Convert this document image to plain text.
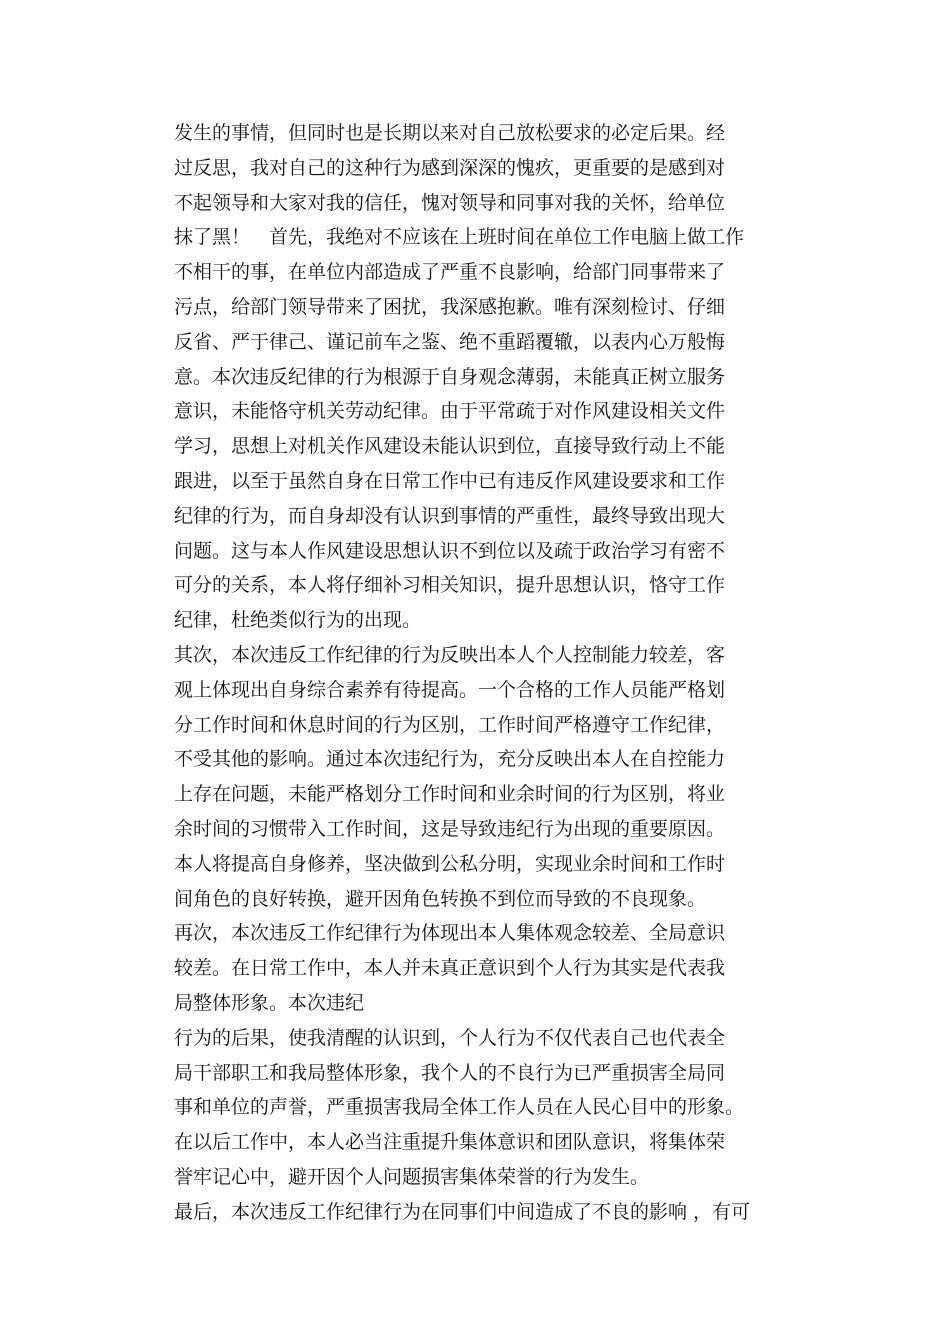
发生的事情，但同时也是长期以来对自己放松要求的必定后果。经
过反思，我对自己的这种行为感到深深的愧疚，更重要的是感到对
不起领导和大家对我的信任，愧对领导和同事对我的关怀，给单位
抹了黑！　首先，我绝对不应该在上班时间在单位工作电脑上做工作
不相干的事，在单位内部造成了严重不良影响，给部门同事带来了
污点，给部门领导带来了困扰，我深感抱歉。唯有深刻检讨、仔细
反省、严于律己、谨记前车之鉴、绝不重蹈覆辙，以表内心万般悔
意。本次违反纪律的行为根源于自身观念薄弱，未能真正树立服务
意识，未能恪守机关劳动纪律。由于平常疏于对作风建设相关文件
学习，思想上对机关作风建设未能认识到位，直接导致行动上不能
跟进，以至于虽然自身在日常工作中已有违反作风建设要求和工作
纪律的行为，而自身却没有认识到事情的严重性，最终导致出现大
问题。这与本人作风建设思想认识不到位以及疏于政治学习有密不
可分的关系，本人将仔细补习相关知识，提升思想认识，恪守工作
纪律，杜绝类似行为的出现。
其次，本次违反工作纪律的行为反映出本人个人控制能力较差，客
观上体现出自身综合素养有待提高。一个合格的工作人员能严格划
分工作时间和休息时间的行为区别，工作时间严格遵守工作纪律，
不受其他的影响。通过本次违纪行为，充分反映出本人在自控能力
上存在问题，未能严格划分工作时间和业余时间的行为区别，将业
余时间的习惯带入工作时间，这是导致违纪行为出现的重要原因。
本人将提高自身修养，坚决做到公私分明，实现业余时间和工作时
间角色的良好转换，避开因角色转换不到位而导致的不良现象。
再次，本次违反工作纪律行为体现出本人集体观念较差、全局意识
较差。在日常工作中，本人并未真正意识到个人行为其实是代表我
局整体形象。本次违纪
行为的后果，使我清醒的认识到，个人行为不仅代表自己也代表全
局干部职工和我局整体形象，我个人的不良行为已严重损害全局同
事和单位的声誉，严重损害我局全体工作人员在人民心目中的形象。
在以后工作中，本人必当注重提升集体意识和团队意识，将集体荣
誉牢记心中，避开因个人问题损害集体荣誉的行为发生。
最后，本次违反工作纪律行为在同事们中间造成了不良的影响 ，有可
